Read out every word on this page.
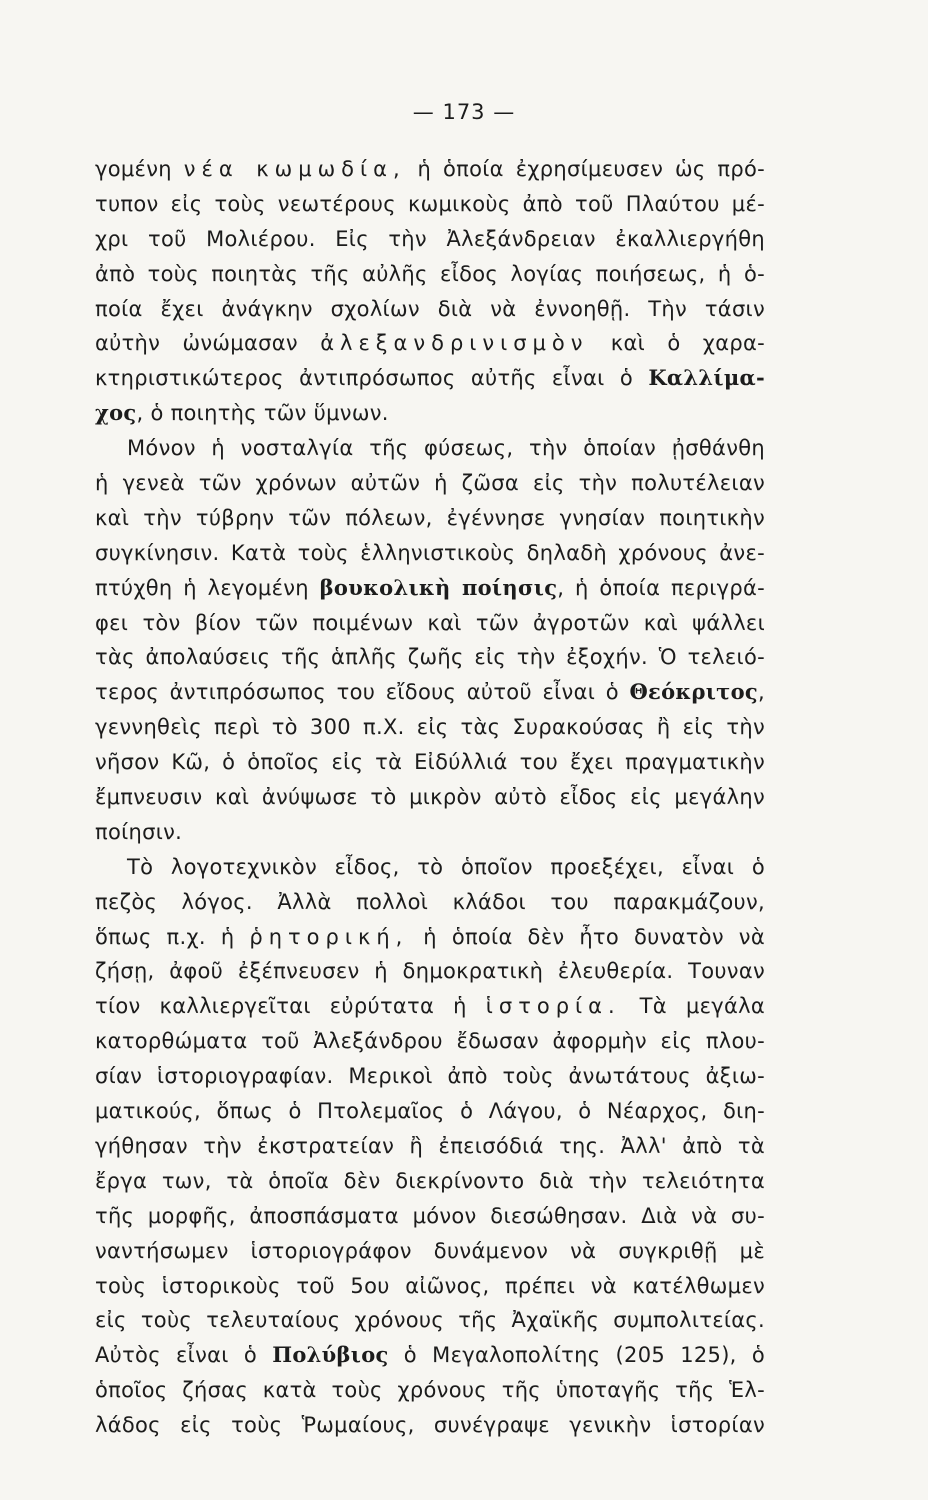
— 173 —
γομένη νέα κωμωδία, ἡ ὁποία ἐχρησίμευσεν ὡς πρό-
τυπον εἰς τοὺς νεωτέρους κωμικοὺς ἀπὸ τοῦ Πλαύτου μέ-
χρι τοῦ Μολιέρου. Εἰς τὴν Ἀλεξάνδρειαν ἐκαλλιεργήθη
ἀπὸ τοὺς ποιητὰς τῆς αὐλῆς εἶδος λογίας ποιήσεως, ἡ ὁ-
ποία ἔχει ἀνάγκην σχολίων διὰ νὰ ἐννοηθῇ. Τὴν τάσιν
αὐτὴν ὠνώμασαν ἀλεξανδρινισμὸν καὶ ὁ χαρα-
κτηριστικώτερος ἀντιπρόσωπος αὐτῆς εἶναι ὁ Καλλίμα-
χος, ὁ ποιητὴς τῶν ὕμνων.
Μόνον ἡ νοσταλγία τῆς φύσεως, τὴν ὁποίαν ᾐσθάνθη
ἡ γενεὰ τῶν χρόνων αὐτῶν ἡ ζῶσα εἰς τὴν πολυτέλειαν
καὶ τὴν τύβρην τῶν πόλεων, ἐγέννησε γνησίαν ποιητικὴν
συγκίνησιν. Κατὰ τοὺς ἑλληνιστικοὺς δηλαδὴ χρόνους ἀνε-
πτύχθη ἡ λεγομένη βουκολικὴ ποίησις, ἡ ὁποία περιγρά-
φει τὸν βίον τῶν ποιμένων καὶ τῶν ἀγροτῶν καὶ ψάλλει
τὰς ἀπολαύσεις τῆς ἁπλῆς ζωῆς εἰς τὴν ἐξοχήν. Ὁ τελειό-
τερος ἀντιπρόσωπος του εἴδους αὐτοῦ εἶναι ὁ Θεόκριτος,
γεννηθεὶς περὶ τὸ 300 π.Χ. εἰς τὰς Συρακούσας ἢ εἰς τὴν
νῆσον Κῶ, ὁ ὁποῖος εἰς τὰ Εἰδύλλιά του ἔχει πραγματικὴν
ἔμπνευσιν καὶ ἀνύψωσε τὸ μικρὸν αὐτὸ εἶδος εἰς μεγάλην
ποίησιν.
Τὸ λογοτεχνικὸν εἶδος, τὸ ὁποῖον προεξέχει, εἶναι ὁ
πεζὸς λόγος. Ἀλλὰ πολλοὶ κλάδοι του παρακμάζουν,
ὅπως π.χ. ἡ ῥητορική, ἡ ὁποία δὲν ἦτο δυνατὸν νὰ
ζήσῃ, ἀφοῦ ἐξέπνευσεν ἡ δημοκρατικὴ ἐλευθερία. Τουναν
τίον καλλιεργεῖται εὐρύτατα ἡ ἱστορία. Τὰ μεγάλα
κατορθώματα τοῦ Ἀλεξάνδρου ἔδωσαν ἀφορμὴν εἰς πλου-
σίαν ἱστοριογραφίαν. Μερικοὶ ἀπὸ τοὺς ἀνωτάτους ἀξιω-
ματικούς, ὅπως ὁ Πτολεμαῖος ὁ Λάγου, ὁ Νέαρχος, διη-
γήθησαν τὴν ἐκστρατείαν ἢ ἐπεισόδιά της. Ἀλλ' ἀπὸ τὰ
ἔργα των, τὰ ὁποῖα δὲν διεκρίνοντο διὰ τὴν τελειότητα
τῆς μορφῆς, ἀποσπάσματα μόνον διεσώθησαν. Διὰ νὰ συ-
ναντήσωμεν ἱστοριογράφον δυνάμενον νὰ συγκριθῇ μὲ
τοὺς ἱστορικοὺς τοῦ 5ου αἰῶνος, πρέπει νὰ κατέλθωμεν
εἰς τοὺς τελευταίους χρόνους τῆς Ἀχαϊκῆς συμπολιτείας.
Αὐτὸς εἶναι ὁ Πολύβιος ὁ Μεγαλοπολίτης (205 125), ὁ
ὁποῖος ζήσας κατὰ τοὺς χρόνους τῆς ὑποταγῆς τῆς Ἑλ-
λάδος εἰς τοὺς Ῥωμαίους, συνέγραψε γενικὴν ἱστορίαν
